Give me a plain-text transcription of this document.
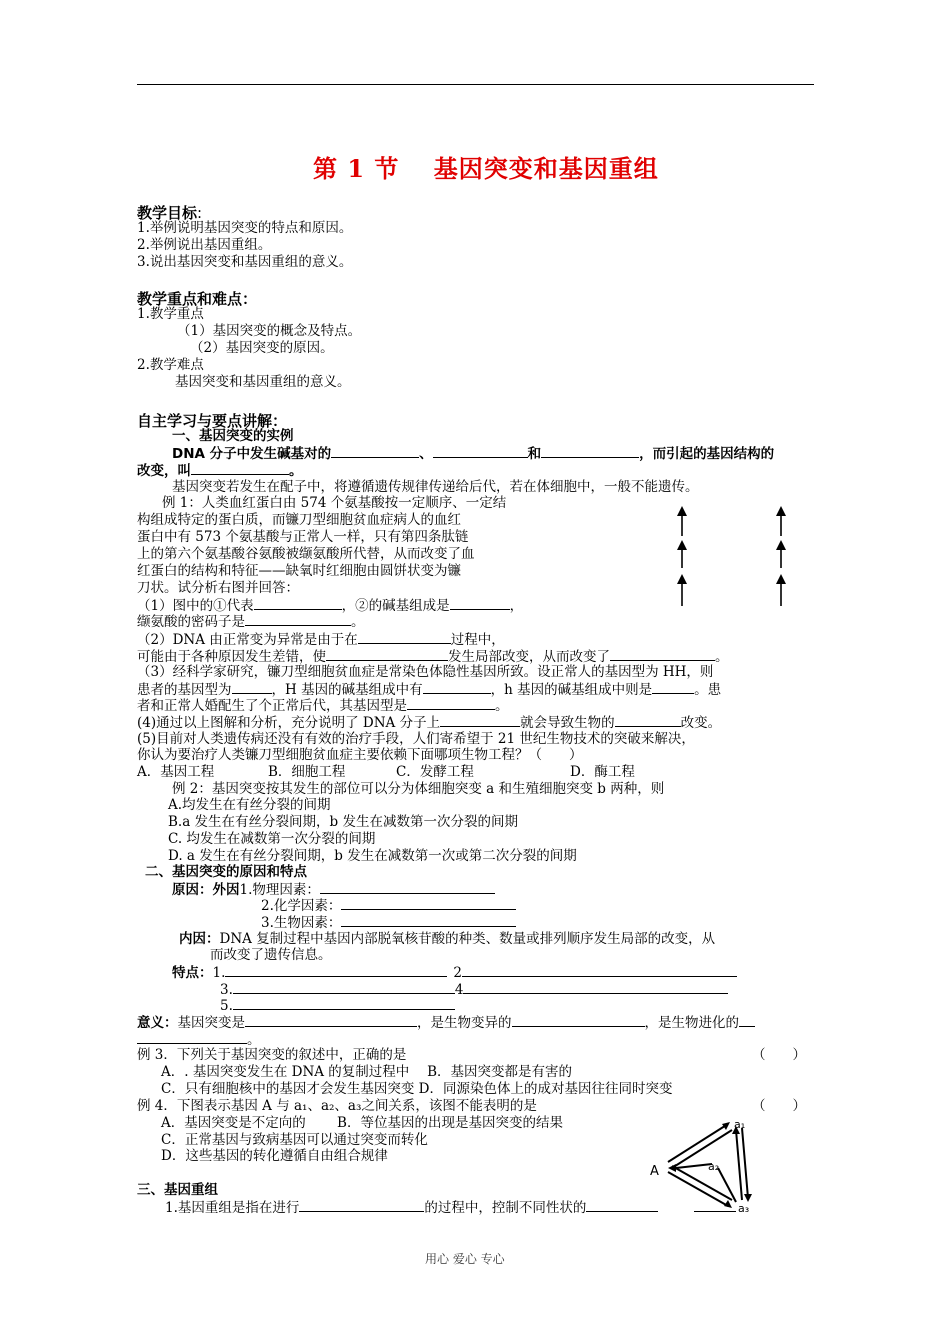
第 1 节　 基因突变和基因重组
教学目标:
1.举例说明基因突变的特点和原因。
2.举例说出基因重组。
3.说出基因突变和基因重组的意义。
教学重点和难点：
1.教学重点
（1）基因突变的概念及特点。
（2）基因突变的原因。
2.教学难点
基因突变和基因重组的意义。
自主学习与要点讲解：
一、基因突变的实例
DNA 分子中发生碱基对的	、	和	，而引起的基因结构的
改变，叫	。
基因突变若发生在配子中，将遵循遗传规律传递给后代，若在体细胞中，一般不能遗传。
例 1：人类血红蛋白由 574 个氨基酸按一定顺序、一定结
构组成特定的蛋白质，而镰刀型细胞贫血症病人的血红
蛋白中有 573 个氨基酸与正常人一样，只有第四条肽链
上的第六个氨基酸谷氨酸被缬氨酸所代替，从而改变了血
红蛋白的结构和特征——缺氧时红细胞由圆饼状变为镰
刀状。试分析右图并回答：
（1）图中的①代表	，②的碱基组成是	，
缬氨酸的密码子是	。
（2）DNA 由正常变为异常是由于在	过程中，
可能由于各种原因发生差错，使	发生局部改变，从而改变了	。
（3）经科学家研究，镰刀型细胞贫血症是常染色体隐性基因所致。设正常人的基因型为 HH，则
患者的基因型为	，H 基因的碱基组成中有	，h 基因的碱基组成中则是	。患
者和正常人婚配生了个正常后代，其基因型是	。
(4)通过以上图解和分析，充分说明了 DNA 分子上	就会导致生物的	改变。
(5)目前对人类遗传病还没有有效的治疗手段，人们寄希望于 21 世纪生物技术的突破来解决，
你认为要治疗人类镰刀型细胞贫血症主要依赖下面哪项生物工程？（　　）
A．基因工程	B．细胞工程	C．发酵工程	D．酶工程
例 2：基因突变按其发生的部位可以分为体细胞突变 a 和生殖细胞突变 b 两种，则
A.均发生在有丝分裂的间期
B.a 发生在有丝分裂间期，b 发生在减数第一次分裂的间期
C. 均发生在减数第一次分裂的间期
D. a 发生在有丝分裂间期，b 发生在减数第一次或第二次分裂的间期
二、基因突变的原因和特点
原因：外因1.物理因素：
2.化学因素：
3.生物因素：
内因：DNA 复制过程中基因内部脱氧核苷酸的种类、数量或排列顺序发生局部的改变，从
而改变了遗传信息。
特点：1.	2
3.	4
5.
意义：基因突变是	，是生物变异的	，是生物进化的
。
例 3．下列关于基因突变的叙述中，正确的是	（　　）
A．. 基因突变发生在 DNA 的复制过程中　 B．基因突变都是有害的
C．只有细胞核中的基因才会发生基因突变 D．同源染色体上的成对基因往往同时突变
例 4．下图表示基因 A 与 a₁、a₂、a₃之间关系，该图不能表明的是	（　　）
A．基因突变是不定向的　　 B．等位基因的出现是基因突变的结果
C．正常基因与致病基因可以通过突变而转化
D．这些基因的转化遵循自由组合规律
A
a₁
a₂
a₃
三、基因重组
1.基因重组是指在进行	的过程中，控制不同性状的
用心 爱心 专心
